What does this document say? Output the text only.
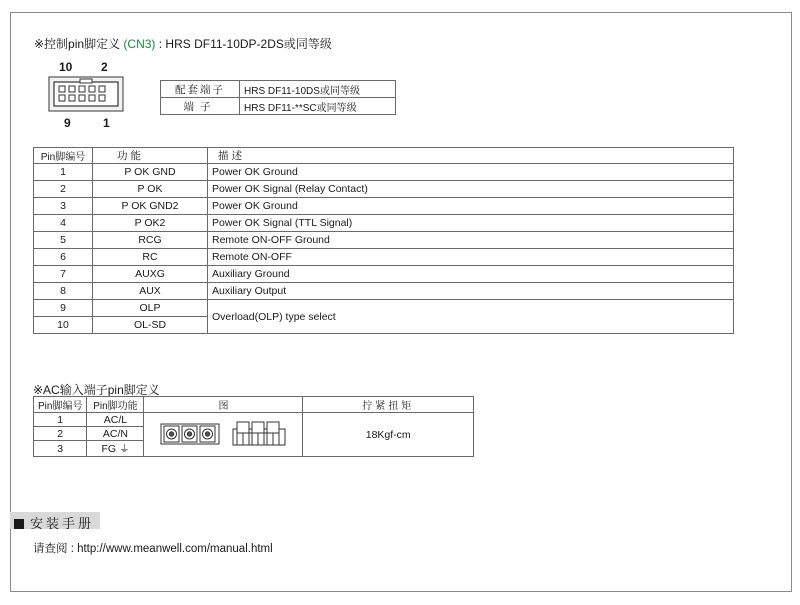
※控制pin脚定义 (CN3) : HRS DF11-10DP-2DS或同等级
10 2
9	1
配套端子	HRS DF11-10DS或同等级
端子	HRS DF11-**SC或同等级
Pin脚编号	功能	描述
1	P OK GND	Power OK Ground
2	P OK	Power OK Signal (Relay Contact)
3	P OK GND2	Power OK Ground
4	P OK2	Power OK Signal (TTL Signal)
5	RCG	Remote ON-OFF Ground
6	RC	Remote ON-OFF
7	AUXG	Auxiliary Ground
8	AUX	Auxiliary Output
9	OLP	Overload(OLP) type select
10	OL-SD	
※AC输入端子pin脚定义
Pin脚编号	Pin脚功能	图	拧紧扭矩
1	AC/L		18Kgf-cm
2	AC/N		
3	FG ⏚		
安装手册
请查阅 : http://www.meanwell.com/manual.html
